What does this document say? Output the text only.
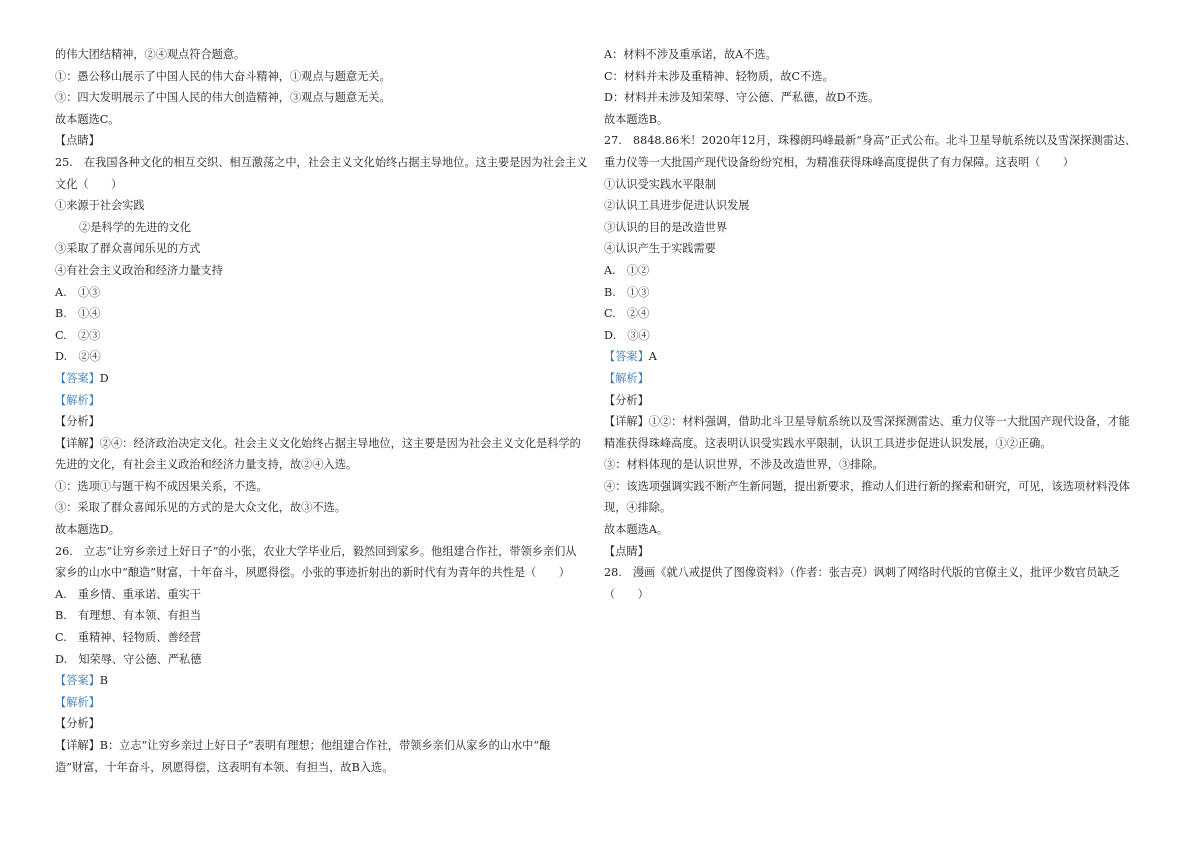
的伟大团结精神，②④观点符合题意。
①：愚公移山展示了中国人民的伟大奋斗精神，①观点与题意无关。
③：四大发明展示了中国人民的伟大创造精神，③观点与题意无关。
故本题选C。
【点睛】
25.　在我国各种文化的相互交织、相互激荡之中，社会主义文化始终占据主导地位。这主要是因为社会主义
文化（　　）
①来源于社会实践
②是科学的先进的文化
③采取了群众喜闻乐见的方式
④有社会主义政治和经济力量支持
A.　①③
B.　①④
C.　②③
D.　②④
【答案】D
【解析】
【分析】
【详解】②④：经济政治决定文化。社会主义文化始终占据主导地位，这主要是因为社会主义文化是科学的
先进的文化，有社会主义政治和经济力量支持，故②④入选。
①：选项①与题干构不成因果关系，不选。
③：采取了群众喜闻乐见的方式的是大众文化，故③不选。
故本题选D。
26.　立志“让穷乡亲过上好日子”的小张，农业大学毕业后，毅然回到家乡。他组建合作社，带领乡亲们从
家乡的山水中“酿造”财富，十年奋斗，夙愿得偿。小张的事迹折射出的新时代有为青年的共性是（　　）
A.　重乡情、重承诺、重实干
B.　有理想、有本领、有担当
C.　重精神、轻物质、善经营
D.　知荣辱、守公德、严私德
【答案】B
【解析】
【分析】
【详解】B：立志“让穷乡亲过上好日子”表明有理想；他组建合作社，带领乡亲们从家乡的山水中“酿
造”财富，十年奋斗，夙愿得偿，这表明有本领、有担当，故B入选。
A：材料不涉及重承诺，故A不选。
C：材料并未涉及重精神、轻物质，故C不选。
D：材料并未涉及知荣辱、守公德、严私德，故D不选。
故本题选B。
27.　8848.86米！2020年12月，珠穆朗玛峰最新“身高”正式公布。北斗卫星导航系统以及雪深探测雷达、
重力仪等一大批国产现代设备纷纷究相，为精准获得珠峰高度提供了有力保障。这表明（　　）
①认识受实践水平限制
②认识工具进步促进认识发展
③认识的目的是改造世界
④认识产生于实践需要
A.　①②
B.　①③
C.　②④
D.　③④
【答案】A
【解析】
【分析】
【详解】①②：材料强调，借助北斗卫星导航系统以及雪深探测雷达、重力仪等一大批国产现代设备，才能
精准获得珠峰高度。这表明认识受实践水平限制，认识工具进步促进认识发展，①②正确。
③：材料体现的是认识世界，不涉及改造世界，③排除。
④：该选项强调实践不断产生新问题，提出新要求，推动人们进行新的探索和研究，可见，该选项材料没体
现，④排除。
故本题选A。
【点睛】
28.　漫画《就八戒提供了图像资料》（作者：张吉亮）讽刺了网络时代版的官僚主义，批评少数官员缺乏
（　　）
